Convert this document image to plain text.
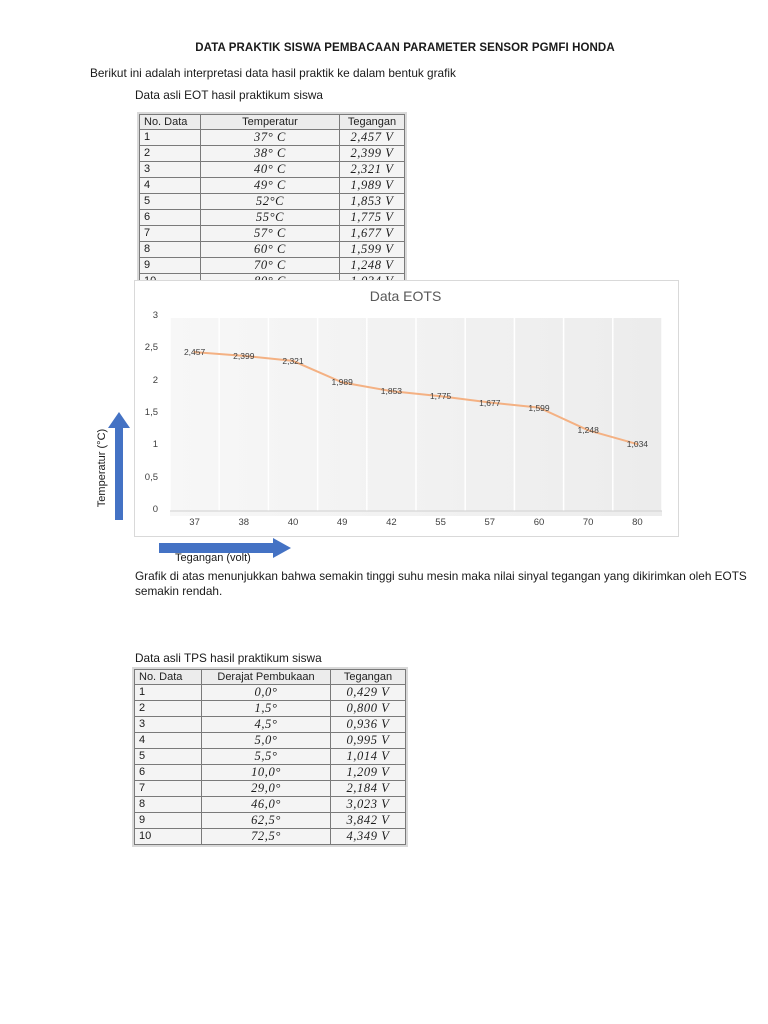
DATA PRAKTIK SISWA PEMBACAAN PARAMETER SENSOR PGMFI HONDA
Berikut ini adalah interpretasi data hasil praktik ke dalam bentuk grafik
Data asli EOT hasil praktikum siswa
No. Data	Temperatur	Tegangan
1	37° C	2,457 V
2	38° C	2,399 V
3	40° C	2,321 V
4	49° C	1,989 V
5	52°C	1,853 V
6	55°C	1,775 V
7	57° C	1,677 V
8	60° C	1,599 V
9	70° C	1,248 V

Data EOTS
0
0,5
1
1,5
2
2,5
3
37	38	40	49	42	55	57	60	70	80
2,457	2,399
2,321
1,989
1,853
1,775
1,677
1,599
1,248
1,034
Temperatur (°C)
Tegangan (volt)
Grafik di atas menunjukkan bahwa semakin tinggi suhu mesin maka nilai sinyal tegangan yang dikirimkan oleh EOTS semakin rendah.
Data asli TPS hasil praktikum siswa
No. Data	Derajat Pembukaan	Tegangan
1	0,0°	0,429 V
2	1,5°	0,800 V
3	4,5°	0,936 V
4	5,0°	0,995 V
5	5,5°	1,014 V
6	10,0°	1,209 V
7	29,0°	2,184 V
8	46,0°	3,023 V
9	62,5°	3,842 V
10	72,5°	4,349 V
